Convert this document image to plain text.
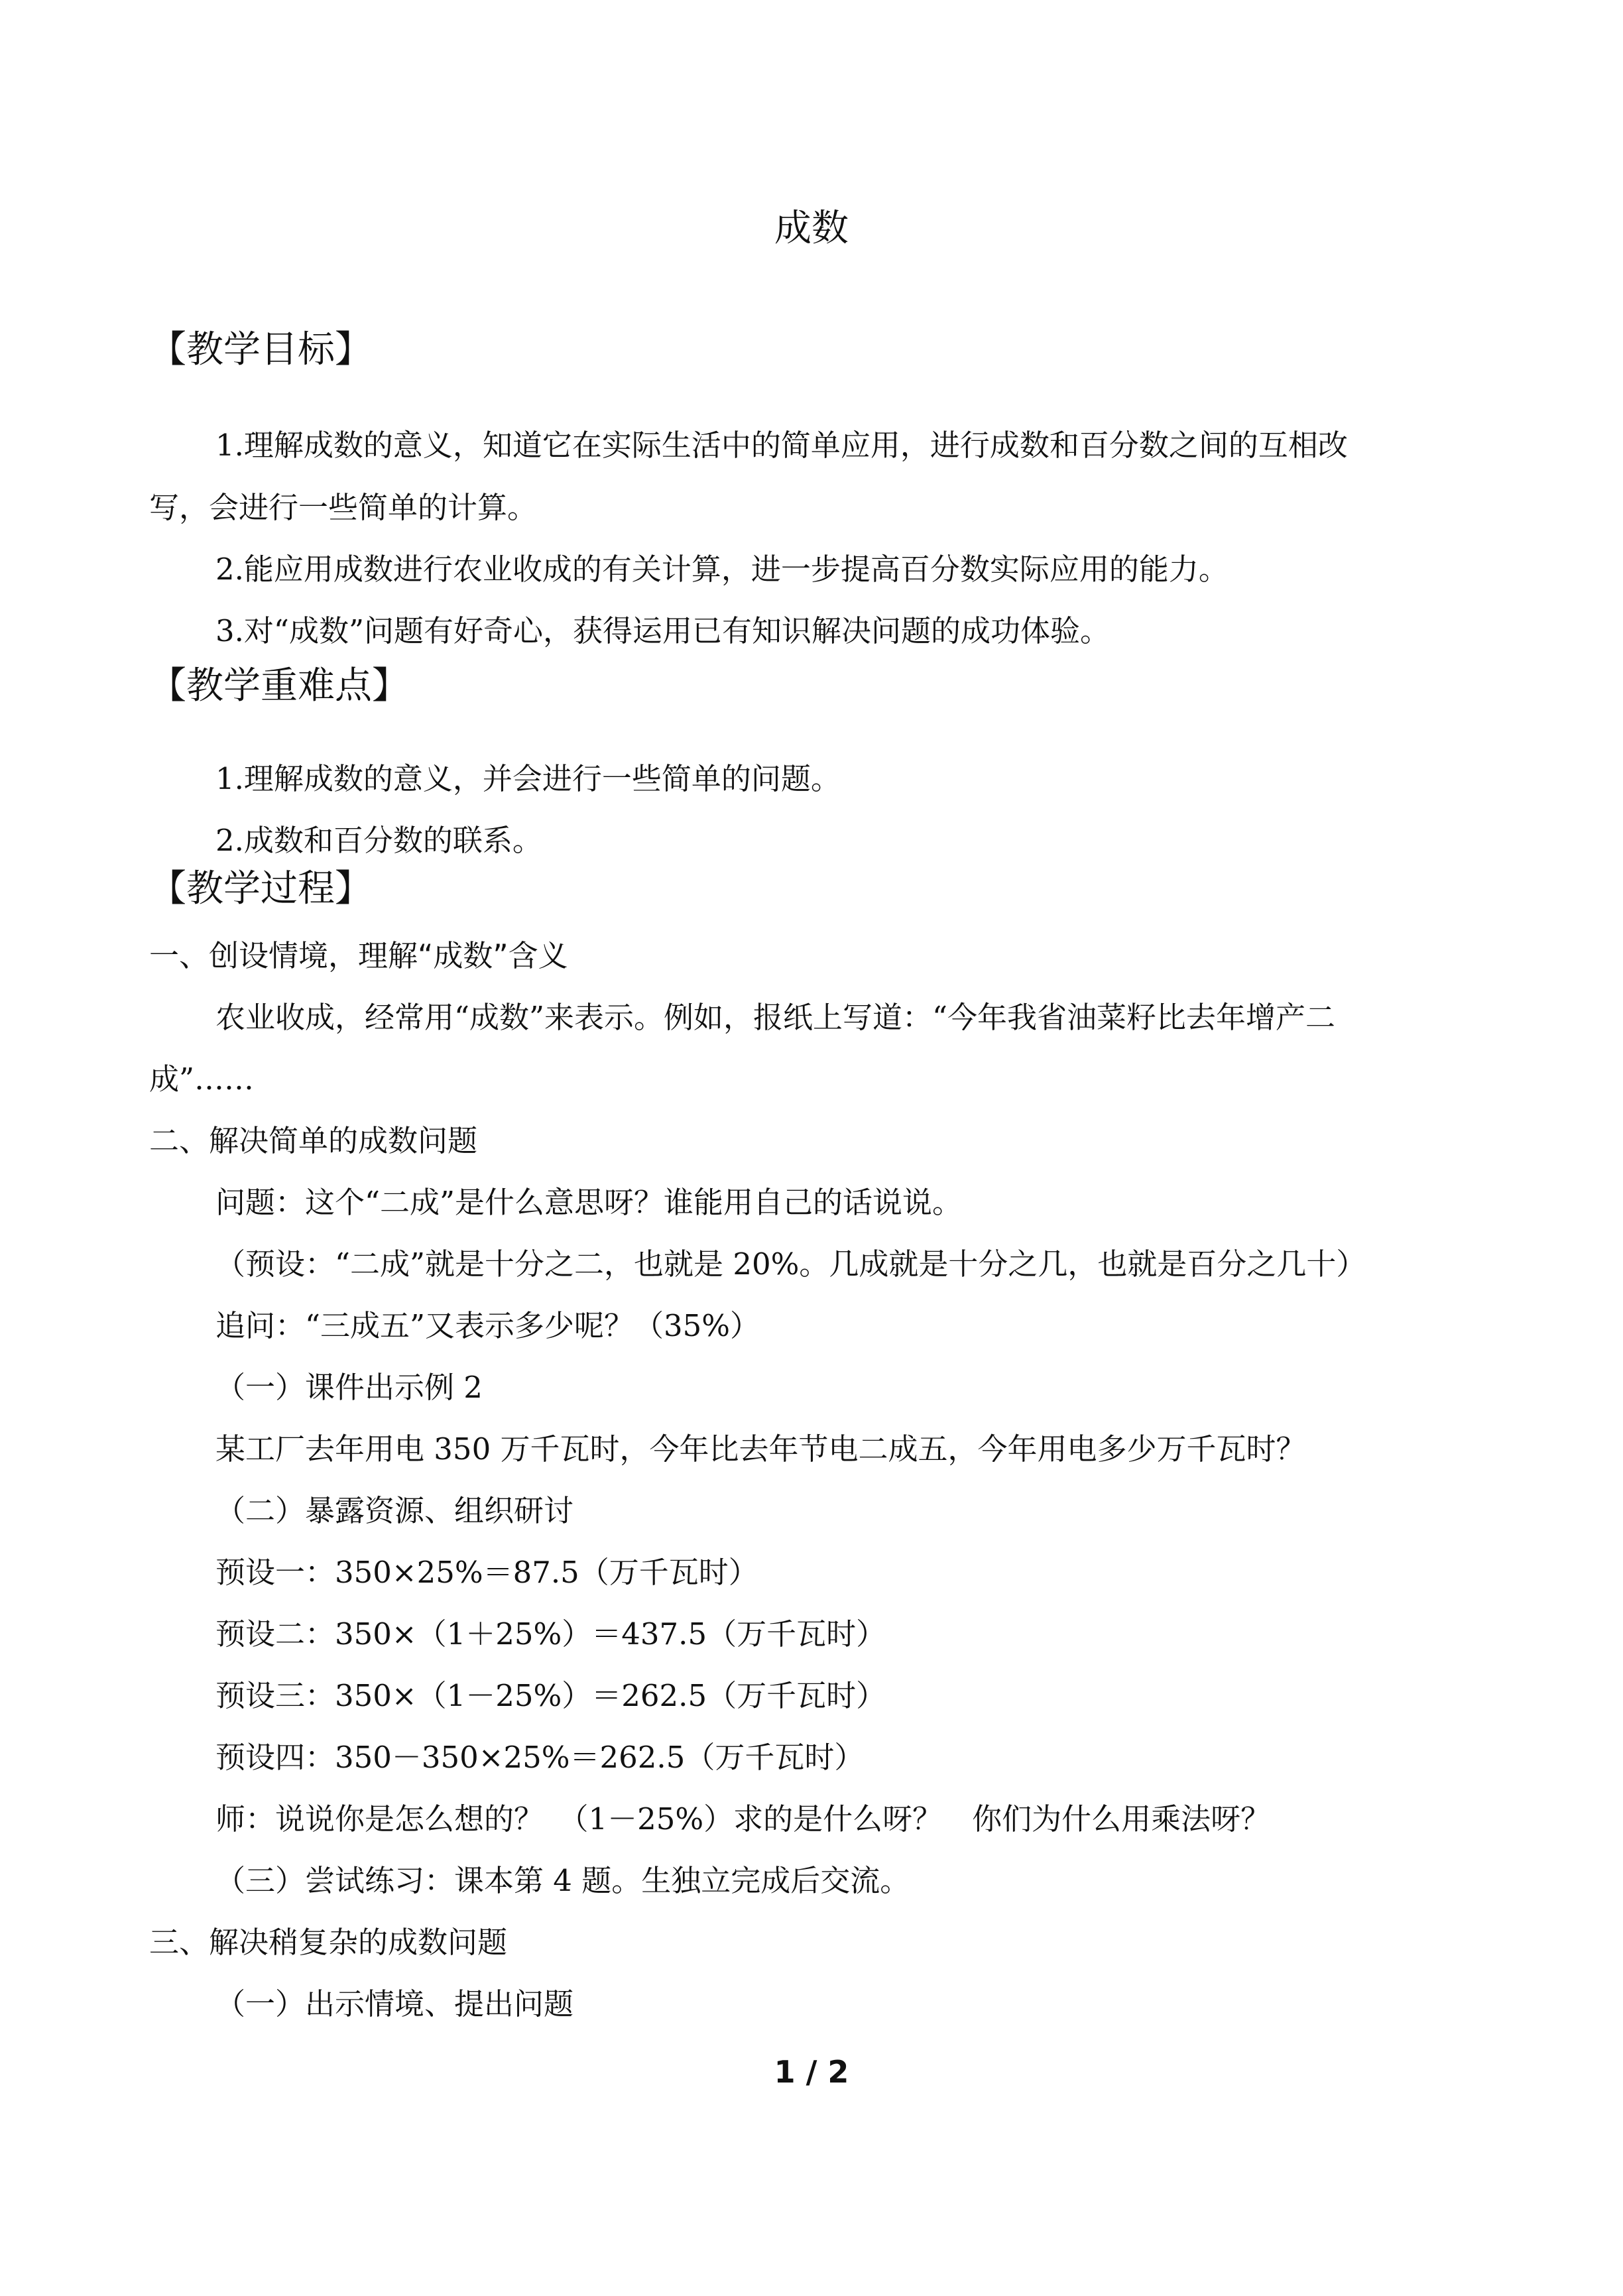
成数
【教学目标】
1.理解成数的意义，知道它在实际生活中的简单应用，进行成数和百分数之间的互相改
写，会进行一些简单的计算。
2.能应用成数进行农业收成的有关计算，进一步提高百分数实际应用的能力。
3.对“成数”问题有好奇心，获得运用已有知识解决问题的成功体验。
【教学重难点】
1.理解成数的意义，并会进行一些简单的问题。
2.成数和百分数的联系。
【教学过程】
一、创设情境，理解“成数”含义
农业收成，经常用“成数”来表示。例如，报纸上写道：“今年我省油菜籽比去年增产二
成”……
二、解决简单的成数问题
问题：这个“二成”是什么意思呀？谁能用自己的话说说。
（预设：“二成”就是十分之二，也就是 20%。几成就是十分之几，也就是百分之几十）
追问：“三成五”又表示多少呢？（35%）
（一）课件出示例 2
某工厂去年用电 350 万千瓦时，今年比去年节电二成五，今年用电多少万千瓦时？
（二）暴露资源、组织研讨
预设一：350×25%＝87.5（万千瓦时）
预设二：350×（1＋25%）＝437.5（万千瓦时）
预设三：350×（1－25%）＝262.5（万千瓦时）
预设四：350－350×25%＝262.5（万千瓦时）
师：说说你是怎么想的？　（1－25%）求的是什么呀？　你们为什么用乘法呀？
（三）尝试练习：课本第 4 题。生独立完成后交流。
三、解决稍复杂的成数问题
（一）出示情境、提出问题
1 / 2
